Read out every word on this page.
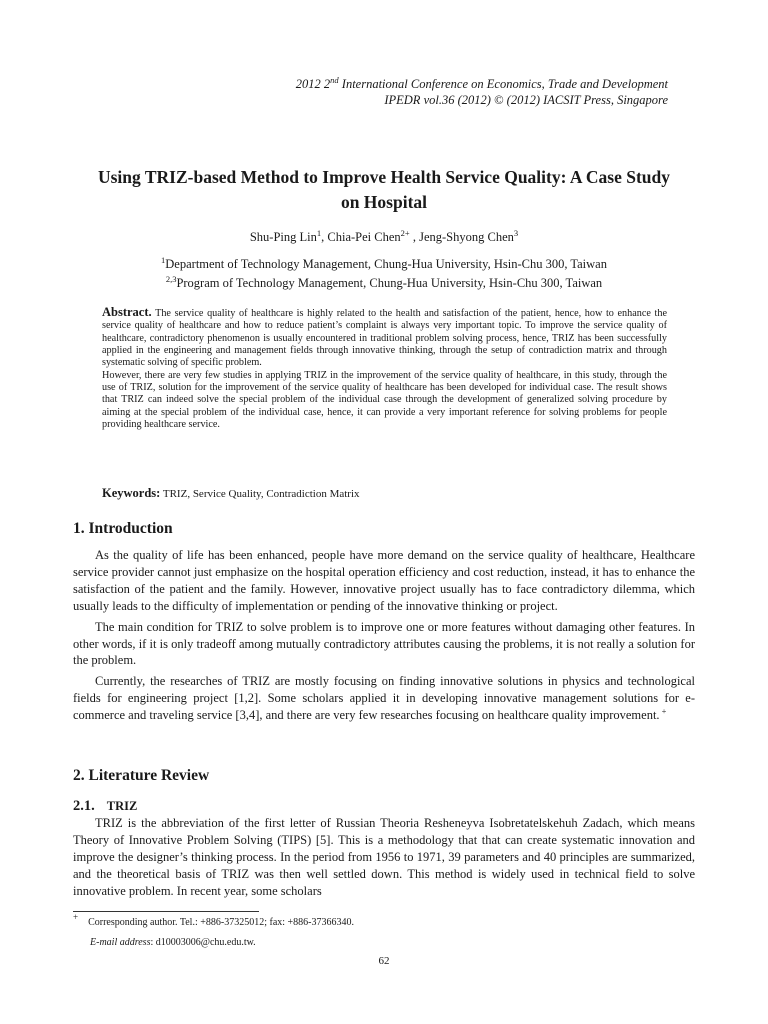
2012 2nd International Conference on Economics, Trade and Development
IPEDR vol.36 (2012) © (2012) IACSIT Press, Singapore
Using TRIZ-based Method to Improve Health Service Quality: A Case Study on Hospital
Shu-Ping Lin$^1$, Chia-Pei Chen$^{2+}$ , Jeng-Shyong Chen$^3$
$^1$Department of Technology Management, Chung-Hua University, Hsin-Chu 300, Taiwan
$^{2,3}$Program of Technology Management, Chung-Hua University, Hsin-Chu 300, Taiwan

Abstract. The service quality of healthcare is highly related to the health and satisfaction of the patient, hence, how to enhance the service quality of healthcare and how to reduce patient’s complaint is always very important topic. To improve the service quality of healthcare, contradictory phenomenon is usually encountered in traditional problem solving process, hence, TRIZ has been successfully applied in the engineering and management fields through innovative thinking, through the setup of contradiction matrix and through systematic solving of specific problem.

However, there are very few studies in applying TRIZ in the improvement of the service quality of healthcare, in this study, through the use of TRIZ, solution for the improvement of the service quality of healthcare has been developed for individual case. The result shows that TRIZ can indeed solve the special problem of the individual case through the development of generalized solving procedure by aiming at the special problem of the individual case, hence, it can provide a very important reference for solving problems for people providing healthcare service.

Keywords: TRIZ, Service Quality, Contradiction Matrix
1. Introduction

As the quality of life has been enhanced, people have more demand on the service quality of healthcare, Healthcare service provider cannot just emphasize on the hospital operation efficiency and cost reduction, instead, it has to enhance the satisfaction of the patient and the family. However, innovative project usually has to face contradictory dilemma, which usually leads to the difficulty of implementation or pending of the innovative thinking or project.

The main condition for TRIZ to solve problem is to improve one or more features without damaging other features. In other words, if it is only tradeoff among mutually contradictory attributes causing the problems, it is not really a solution for the problem.

Currently, the researches of TRIZ are mostly focusing on finding innovative solutions in physics and technological fields for engineering project [1,2]. Some scholars applied it in developing innovative management solutions for e-commerce and traveling service [3,4], and there are very few researches focusing on healthcare quality improvement. +

2. Literature Review
2.1. TRIZ

TRIZ is the abbreviation of the first letter of Russian Theoria Resheneyva Isobretatelskehuh Zadach, which means Theory of Innovative Problem Solving (TIPS) [5]. This is a methodology that that can create systematic innovation and improve the designer’s thinking process. In the period from 1956 to 1971, 39 parameters and 40 principles are summarized, and the theoretical basis of TRIZ was then well settled down. This method is widely used in technical field to solve innovative problem. In recent year, some scholars

+ Corresponding author. Tel.: +886-37325012; fax: +886-37366340.
E-mail address: d10003006@chu.edu.tw.
62
